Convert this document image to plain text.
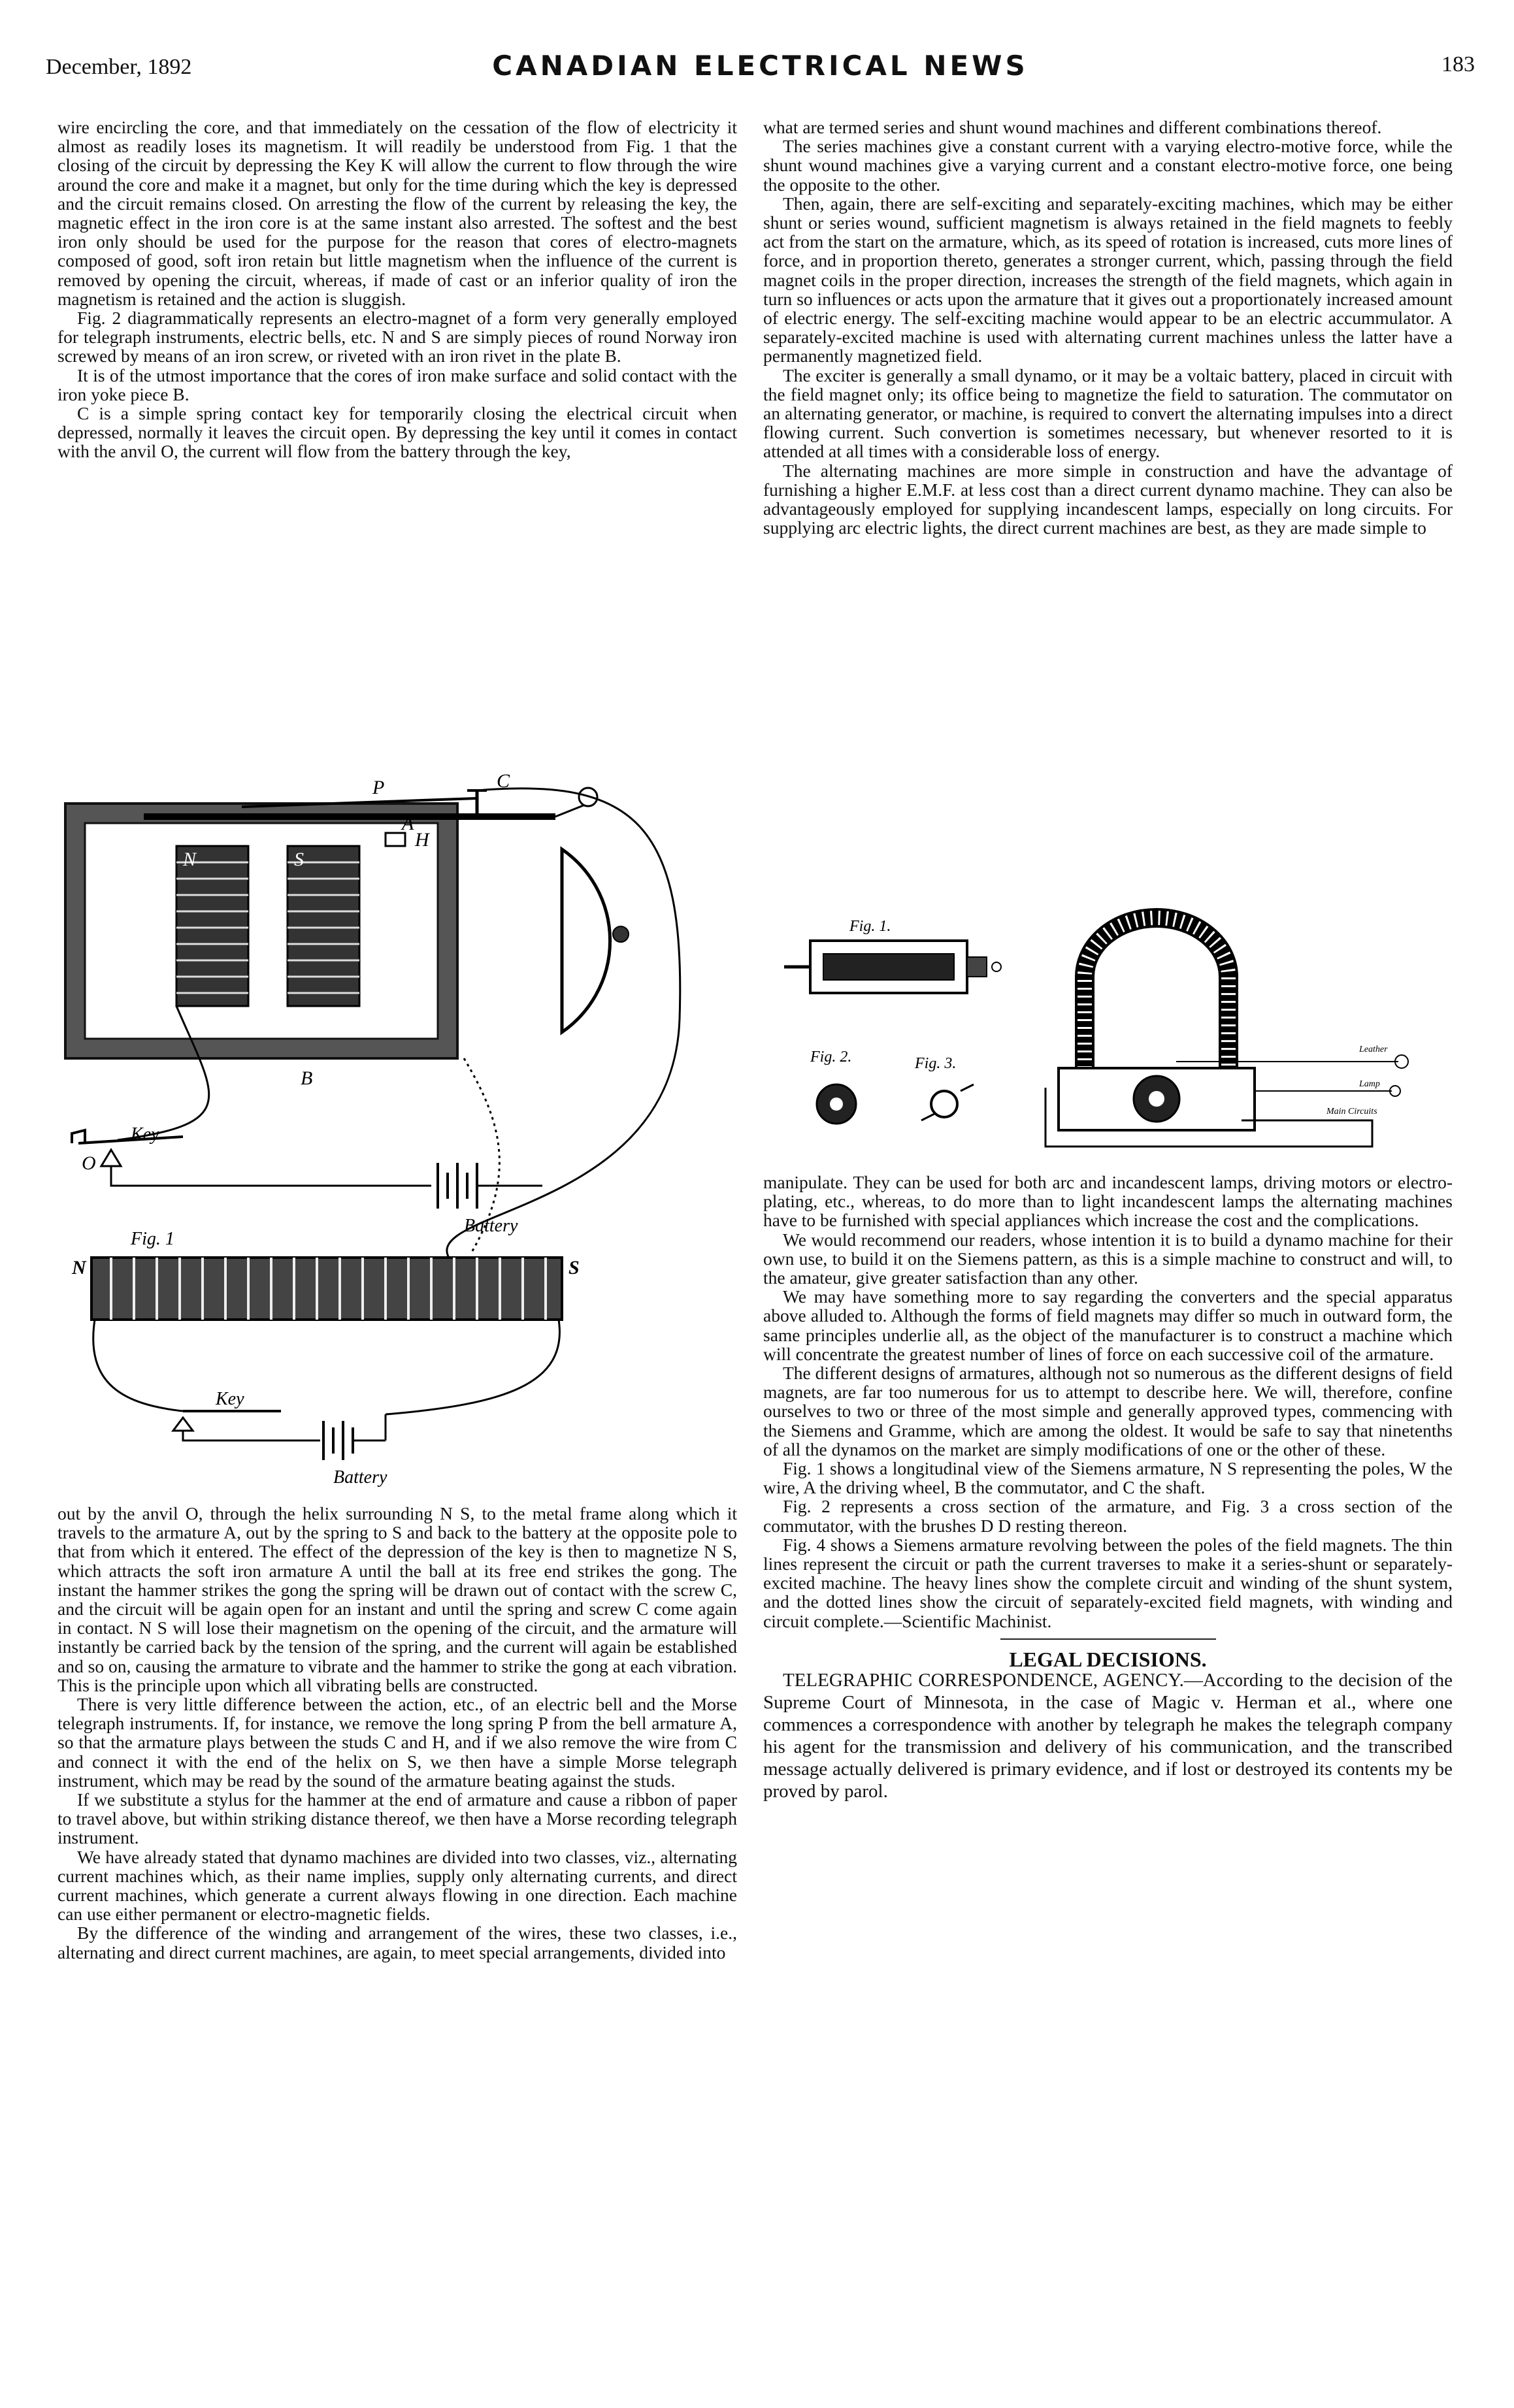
December, 1892	CANADIAN ELECTRICAL NEWS	183

wire encircling the core, and that immediately on the cessation of the flow of electricity it almost as readily loses its magnetism. It will readily be understood from Fig. 1 that the closing of the circuit by depressing the Key K will allow the current to flow through the wire around the core and make it a magnet, but only for the time during which the key is depressed and the circuit remains closed. On arresting the flow of the current by releasing the key, the magnetic effect in the iron core is at the same instant also arrested. The softest and the best iron only should be used for the purpose for the reason that cores of electro-magnets composed of good, soft iron retain but little magnetism when the influence of the current is removed by opening the circuit, whereas, if made of cast or an inferior quality of iron the magnetism is retained and the action is sluggish.

Fig. 2 diagrammatically represents an electro-magnet of a form very generally employed for telegraph instruments, electric bells, etc. N and S are simply pieces of round Norway iron screwed by means of an iron screw, or riveted with an iron rivet in the plate B.

It is of the utmost importance that the cores of iron make surface and solid contact with the iron yoke piece B.

C is a simple spring contact key for temporarily closing the electrical circuit when depressed, normally it leaves the circuit open. By depressing the key until it comes in contact with the anvil O, the current will flow from the battery through the key,

P	C
A
H
N	S
B
Key
O
Battery
Fig. 1
N	S
Key
Battery

out by the anvil O, through the helix surrounding N S, to the metal frame along which it travels to the armature A, out by the spring to S and back to the battery at the opposite pole to that from which it entered. The effect of the depression of the key is then to magnetize N S, which attracts the soft iron armature A until the ball at its free end strikes the gong. The instant the hammer strikes the gong the spring will be drawn out of contact with the screw C, and the circuit will be again open for an instant and until the spring and screw C come again in contact. N S will lose their magnetism on the opening of the circuit, and the armature will instantly be carried back by the tension of the spring, and the current will again be established and so on, causing the armature to vibrate and the hammer to strike the gong at each vibration. This is the principle upon which all vibrating bells are constructed.

There is very little difference between the action, etc., of an electric bell and the Morse telegraph instruments. If, for instance, we remove the long spring P from the bell armature A, so that the armature plays between the studs C and H, and if we also remove the wire from C and connect it with the end of the helix on S, we then have a simple Morse telegraph instrument, which may be read by the sound of the armature beating against the studs.

If we substitute a stylus for the hammer at the end of armature and cause a ribbon of paper to travel above, but within striking distance thereof, we then have a Morse recording telegraph instrument.

We have already stated that dynamo machines are divided into two classes, viz., alternating current machines which, as their name implies, supply only alternating currents, and direct current machines, which generate a current always flowing in one direction. Each machine can use either permanent or electro-magnetic fields.

By the difference of the winding and arrangement of the wires, these two classes, i.e., alternating and direct current machines, are again, to meet special arrangements, divided into

what are termed series and shunt wound machines and different combinations thereof.

The series machines give a constant current with a varying electro-motive force, while the shunt wound machines give a varying current and a constant electro-motive force, one being the opposite to the other.

Then, again, there are self-exciting and separately-exciting machines, which may be either shunt or series wound, sufficient magnetism is always retained in the field magnets to feebly act from the start on the armature, which, as its speed of rotation is increased, cuts more lines of force, and in proportion thereto, generates a stronger current, which, passing through the field magnet coils in the proper direction, increases the strength of the field magnets, which again in turn so influences or acts upon the armature that it gives out a proportionately increased amount of electric energy. The self-exciting machine would appear to be an electric accummulator. A separately-excited machine is used with alternating current machines unless the latter have a permanently magnetized field.

The exciter is generally a small dynamo, or it may be a voltaic battery, placed in circuit with the field magnet only; its office being to magnetize the field to saturation. The commutator on an alternating generator, or machine, is required to convert the alternating impulses into a direct flowing current. Such convertion is sometimes necessary, but whenever resorted to it is attended at all times with a considerable loss of energy.

The alternating machines are more simple in construction and have the advantage of furnishing a higher E.M.F. at less cost than a direct current dynamo machine. They can also be advantageously employed for supplying incandescent lamps, especially on long circuits. For supplying arc electric lights, the direct current machines are best, as they are made simple to

Fig. 1.
Fig. 2.	Fig. 3.
Fig. 4.
Leather
Lamp
Main Circuits

manipulate. They can be used for both arc and incandescent lamps, driving motors or electro-plating, etc., whereas, to do more than to light incandescent lamps the alternating machines have to be furnished with special appliances which increase the cost and the complications.

We would recommend our readers, whose intention it is to build a dynamo machine for their own use, to build it on the Siemens pattern, as this is a simple machine to construct and will, to the amateur, give greater satisfaction than any other.

We may have something more to say regarding the converters and the special apparatus above alluded to. Although the forms of field magnets may differ so much in outward form, the same principles underlie all, as the object of the manufacturer is to construct a machine which will concentrate the greatest number of lines of force on each successive coil of the armature.

The different designs of armatures, although not so numerous as the different designs of field magnets, are far too numerous for us to attempt to describe here. We will, therefore, confine ourselves to two or three of the most simple and generally approved types, commencing with the Siemens and Gramme, which are among the oldest. It would be safe to say that ninetenths of all the dynamos on the market are simply modifications of one or the other of these.

Fig. 1 shows a longitudinal view of the Siemens armature, N S representing the poles, W the wire, A the driving wheel, B the commutator, and C the shaft.

Fig. 2 represents a cross section of the armature, and Fig. 3 a cross section of the commutator, with the brushes D D resting thereon.

Fig. 4 shows a Siemens armature revolving between the poles of the field magnets. The thin lines represent the circuit or path the current traverses to make it a series-shunt or separately-excited machine. The heavy lines show the complete circuit and winding of the shunt system, and the dotted lines show the circuit of separately-excited field magnets, with winding and circuit complete.—Scientific Machinist.

LEGAL DECISIONS.

TELEGRAPHIC CORRESPONDENCE, AGENCY.—According to the decision of the Supreme Court of Minnesota, in the case of Magic v. Herman et al., where one commences a correspondence with another by telegraph he makes the telegraph company his agent for the transmission and delivery of his communication, and the transcribed message actually delivered is primary evidence, and if lost or destroyed its contents my be proved by parol.
